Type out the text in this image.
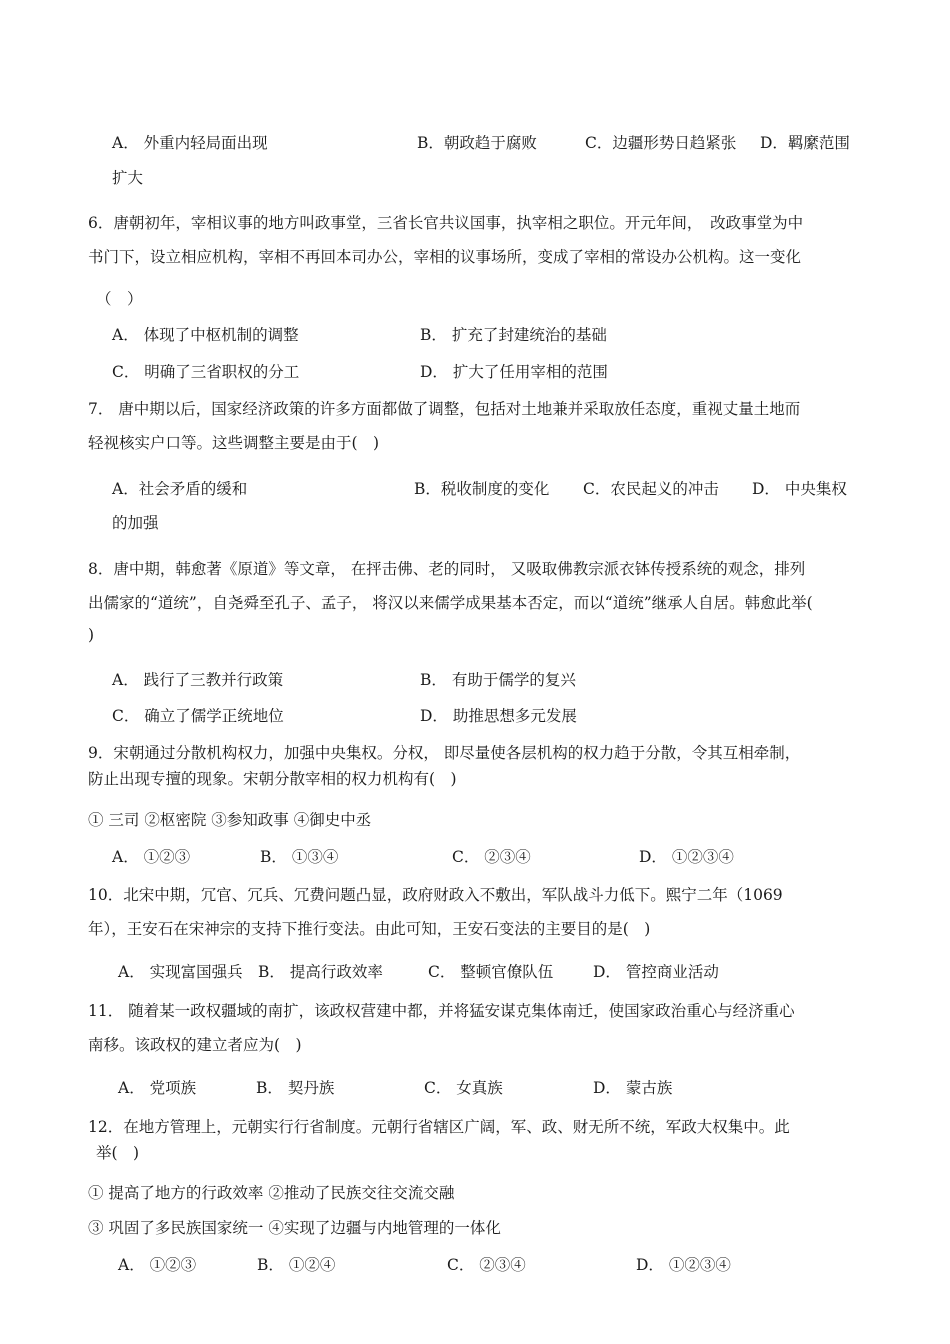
A． 外重内轻局面出现	B．朝政趋于腐败	C．边疆形势日趋紧张 D．羁縻范围
扩大
6．唐朝初年，宰相议事的地方叫政事堂，三省长官共议国事，执宰相之职位。开元年间，　改政事堂为中
书门下，设立相应机构，宰相不再回本司办公，宰相的议事场所，变成了宰相的常设办公机构。这一变化
（　）
A． 体现了中枢机制的调整	B． 扩充了封建统治的基础
C． 明确了三省职权的分工	D． 扩大了任用宰相的范围
7． 唐中期以后，国家经济政策的许多方面都做了调整，包括对土地兼并采取放任态度，重视丈量土地而
轻视核实户口等。这些调整主要是由于(　)
A．社会矛盾的缓和	B．税收制度的变化 C．农民起义的冲击 D． 中央集权
的加强
8．唐中期，韩愈著《原道》等文章， 在抨击佛、老的同时， 又吸取佛教宗派衣钵传授系统的观念，排列
出儒家的“道统”，自尧舜至孔子、孟子， 将汉以来儒学成果基本否定，而以“道统”继承人自居。韩愈此举(
)
A． 践行了三教并行政策	B． 有助于儒学的复兴
C． 确立了儒学正统地位	D． 助推思想多元发展
9．宋朝通过分散机构权力，加强中央集权。分权， 即尽量使各层机构的权力趋于分散，令其互相牵制，
防止出现专擅的现象。宋朝分散宰相的权力机构有(　)
① 三司 ②枢密院 ③参知政事 ④御史中丞
A． ①②③	B． ①③④	C． ②③④	D． ①②③④
10．北宋中期，冗官、冗兵、冗费问题凸显，政府财政入不敷出，军队战斗力低下。熙宁二年（1069
年），王安石在宋神宗的支持下推行变法。由此可知，王安石变法的主要目的是(　)
A． 实现富国强兵 B． 提高行政效率	C． 整顿官僚队伍	D． 管控商业活动
11． 随着某一政权疆域的南扩，该政权营建中都，并将猛安谋克集体南迁，使国家政治重心与经济重心
南移。该政权的建立者应为(　)
A． 党项族	B． 契丹族	C． 女真族	D． 蒙古族
12．在地方管理上，元朝实行行省制度。元朝行省辖区广阔，军、政、财无所不统，军政大权集中。此
举(　)
① 提高了地方的行政效率 ②推动了民族交往交流交融
③ 巩固了多民族国家统一 ④实现了边疆与内地管理的一体化
A． ①②③	B． ①②④	C． ②③④	D． ①②③④
